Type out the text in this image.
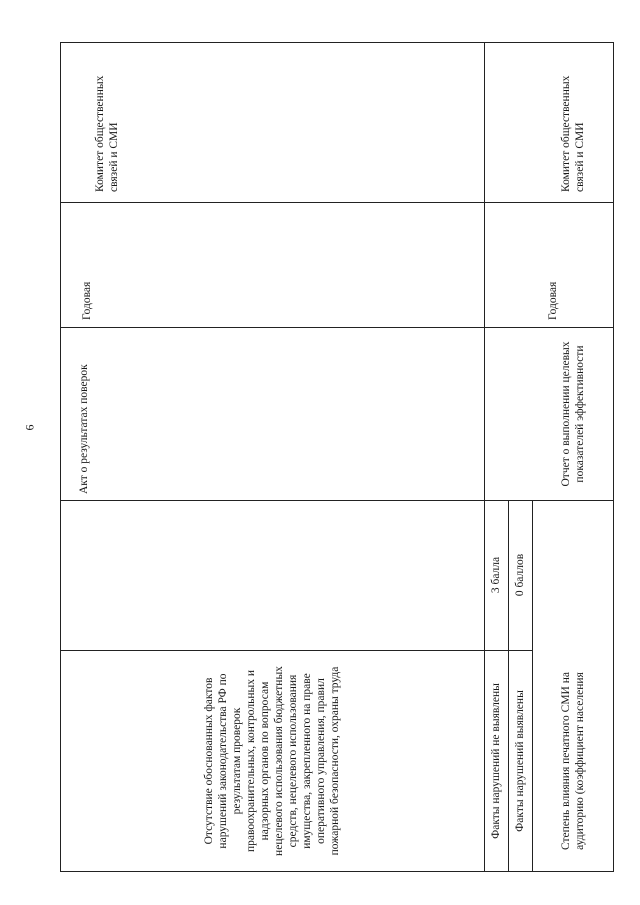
6
Отсутствие обоснованных фактов нарушений законодательства РФ по результатам проверок правоохранительных, контрольных и надзорных органов по вопросам нецелевого использования бюджетных средств, нецелевого использования имущества, закрепленного на праве оперативного управления, правил пожарной безопасности, охраны труда	Факты нарушений не выявлены
3 балла
Факты нарушений выявлены
0 баллов
Акт о результатах поверок
Годовая
Комитет общественных связей и СМИ
Степень влияния печатного СМИ на аудиторию (коэффициент населения
Отчет о выполнении целевых показателей эффективности
Годовая
Комитет общественных связей и СМИ
